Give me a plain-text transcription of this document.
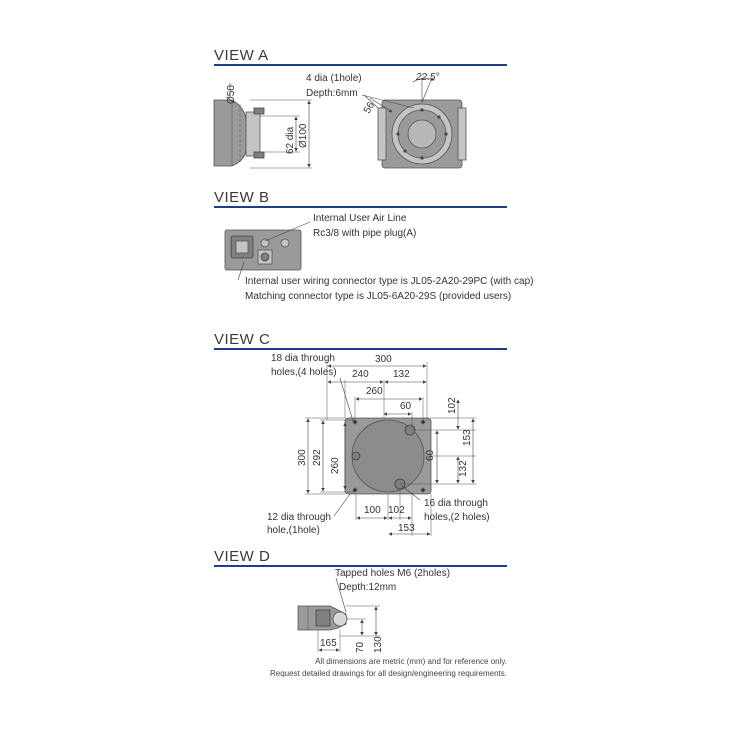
VIEW A
VIEW B
VIEW C
VIEW D
4 dia (1hole)
Depth:6mm
22.5°
56
Ø50
62 dia Ø100
Internal User Air Line
Rc3/8 with pipe plug(A)
Internal user wiring connector type is JL05-2A20-29PC (with cap)
Matching connector type is JL05-6A20-29S (provided users)
18 dia through
holes,(4 holes)
12 dia through
hole,(1hole)
16 dia through
holes,(2 holes)
300
240 132
260
60
300 292 260
102
153
60
132
100 102
153
Tapped holes M6 (2holes)
Depth:12mm
165 70 130
All dimensions are metric (mm) and for reference only.
Request detailed drawings for all design/engineering requirements.
